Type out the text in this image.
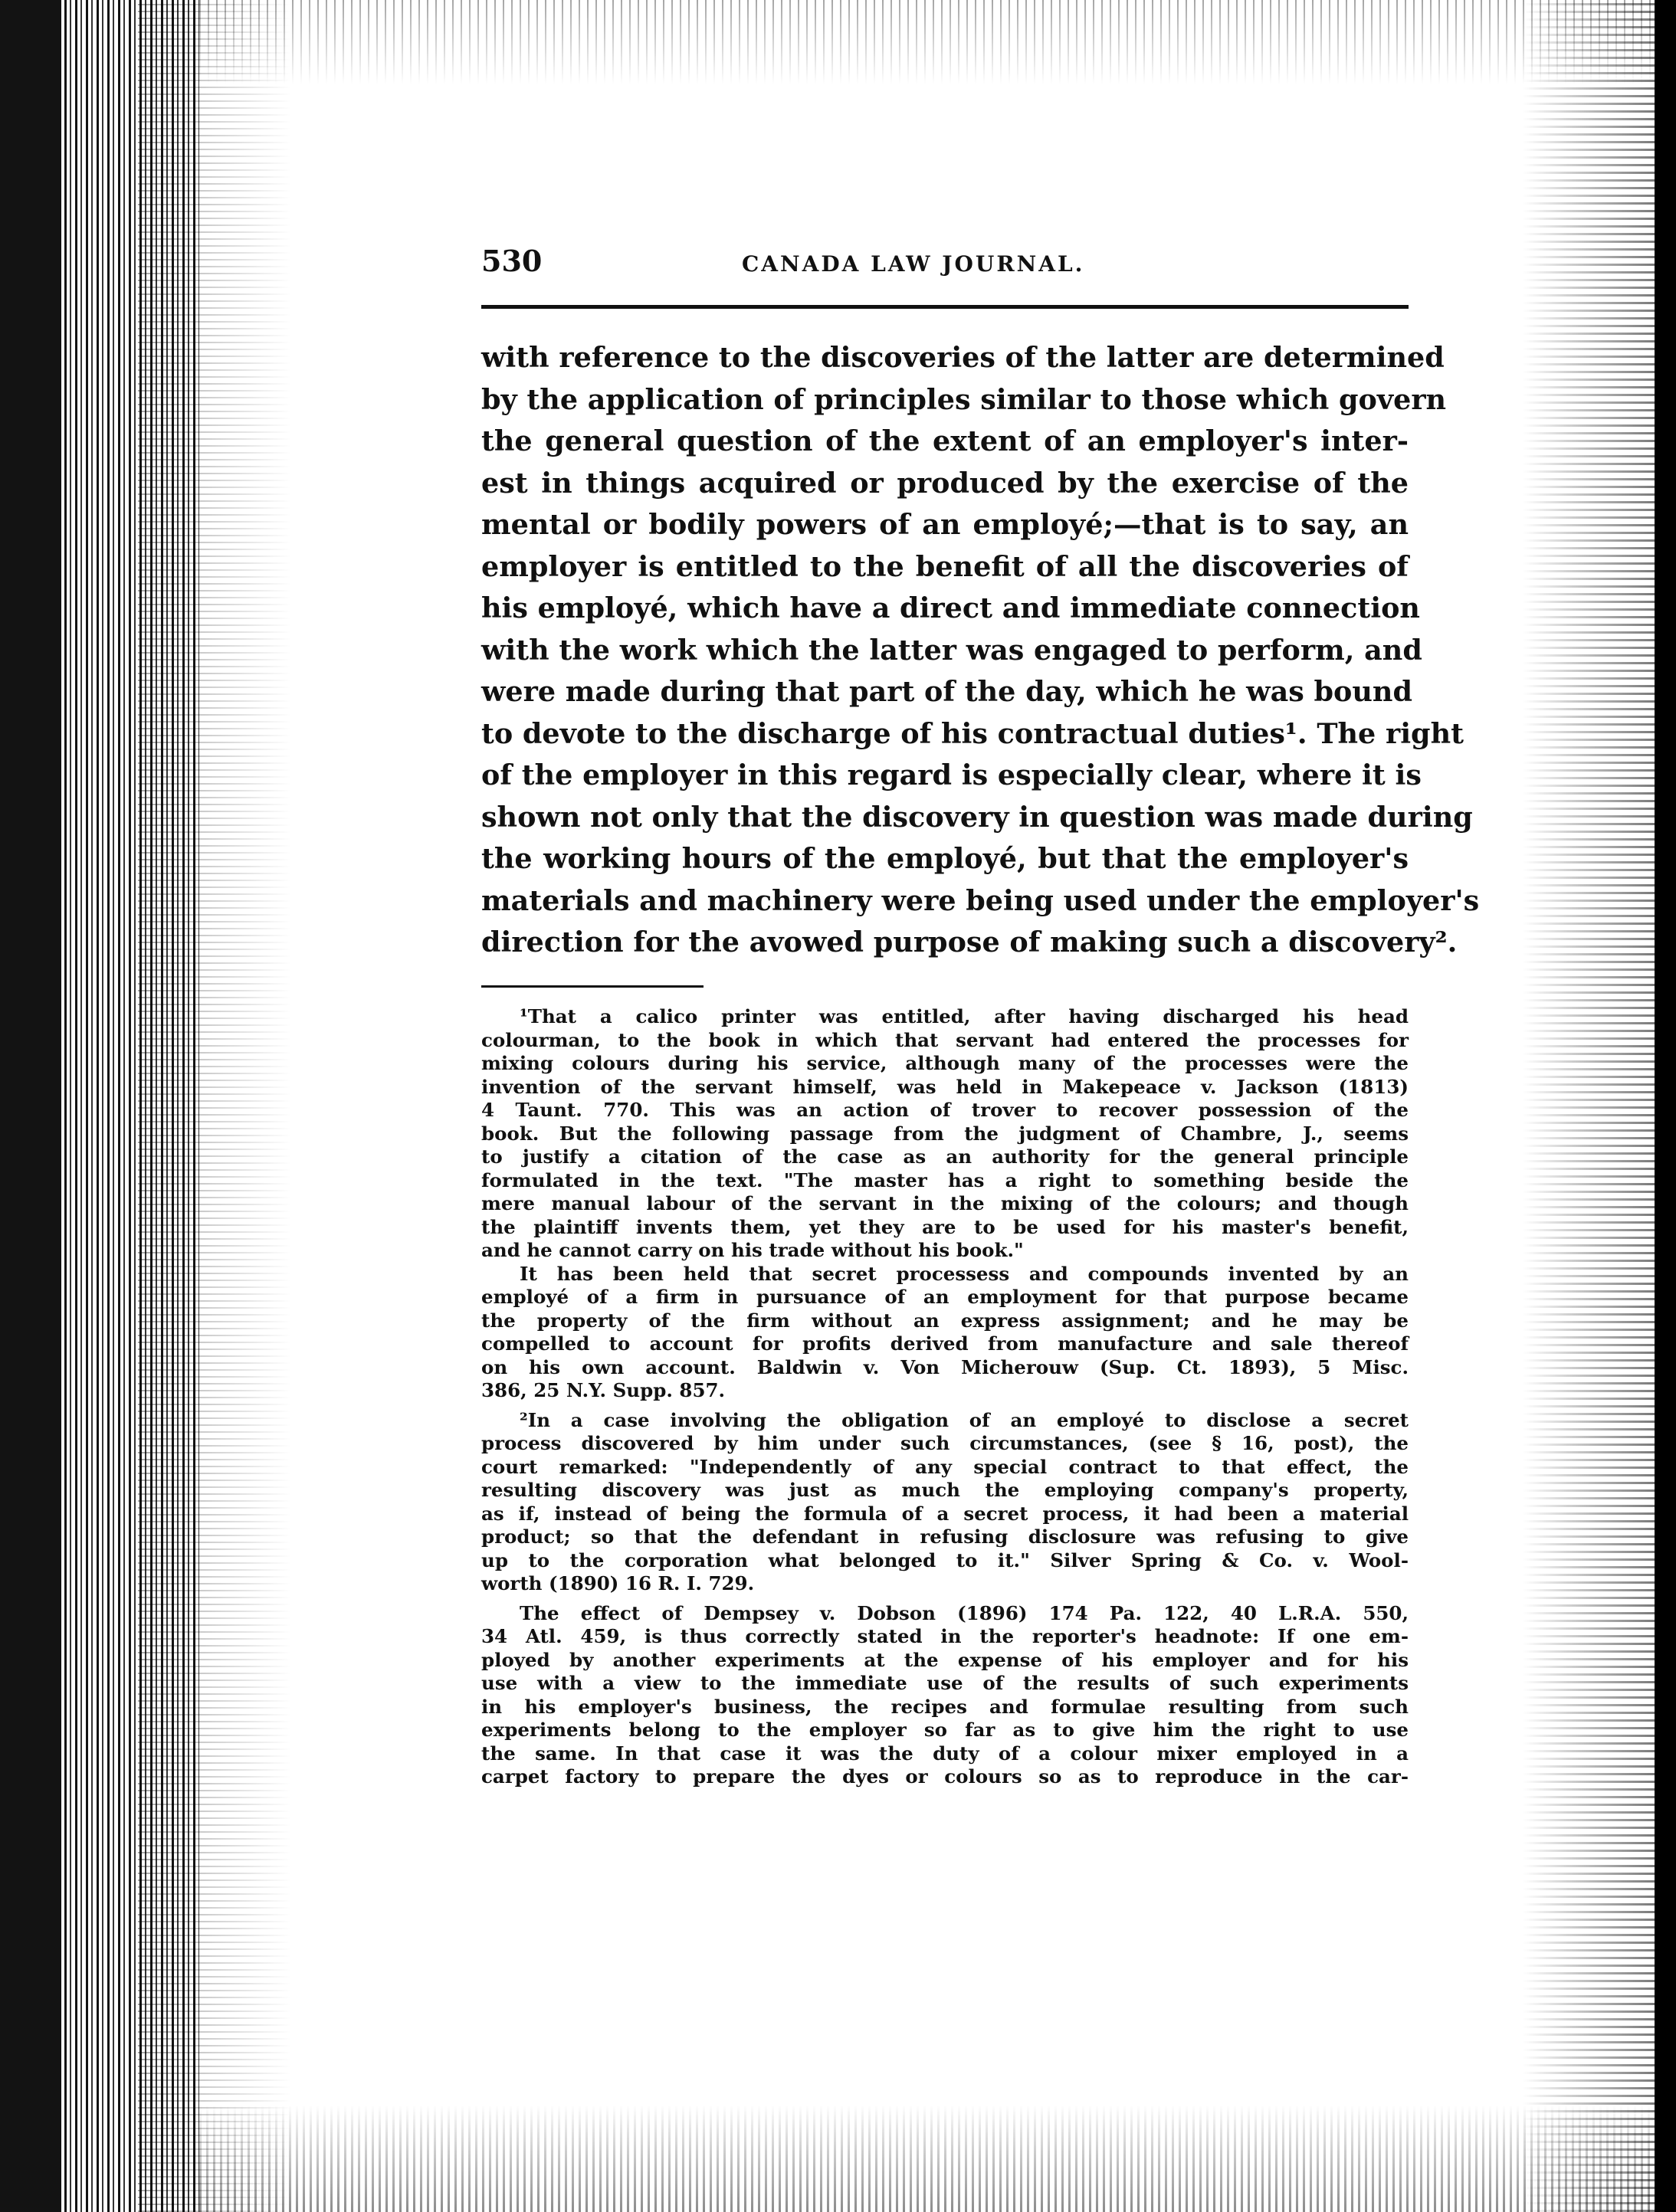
530	CANADA LAW JOURNAL.
with reference to the discoveries of the latter are determined
by the application of principles similar to those which govern
the general question of the extent of an employer's inter-
est in things acquired or produced by the exercise of the
mental or bodily powers of an employé;—that is to say, an
employer is entitled to the benefit of all the discoveries of
his employé, which have a direct and immediate connection
with the work which the latter was engaged to perform, and
were made during that part of the day, which he was bound
to devote to the discharge of his contractual duties¹. The right
of the employer in this regard is especially clear, where it is
shown not only that the discovery in question was made during
the working hours of the employé, but that the employer's
materials and machinery were being used under the employer's
direction for the avowed purpose of making such a discovery².
¹That a calico printer was entitled, after having discharged his head
colourman, to the book in which that servant had entered the processes for
mixing colours during his service, although many of the processes were the
invention of the servant himself, was held in Makepeace v. Jackson (1813)
4 Taunt. 770. This was an action of trover to recover possession of the
book. But the following passage from the judgment of Chambre, J., seems
to justify a citation of the case as an authority for the general principle
formulated in the text. "The master has a right to something beside the
mere manual labour of the servant in the mixing of the colours; and though
the plaintiff invents them, yet they are to be used for his master's benefit,
and he cannot carry on his trade without his book."
It has been held that secret processess and compounds invented by an
employé of a firm in pursuance of an employment for that purpose became
the property of the firm without an express assignment; and he may be
compelled to account for profits derived from manufacture and sale thereof
on his own account. Baldwin v. Von Micherouw (Sup. Ct. 1893), 5 Misc.
386, 25 N.Y. Supp. 857.
²In a case involving the obligation of an employé to disclose a secret
process discovered by him under such circumstances, (see § 16, post), the
court remarked: "Independently of any special contract to that effect, the
resulting discovery was just as much the employing company's property,
as if, instead of being the formula of a secret process, it had been a material
product; so that the defendant in refusing disclosure was refusing to give
up to the corporation what belonged to it." Silver Spring & Co. v. Wool-
worth (1890) 16 R. I. 729.
The effect of Dempsey v. Dobson (1896) 174 Pa. 122, 40 L.R.A. 550,
34 Atl. 459, is thus correctly stated in the reporter's headnote: If one em-
ployed by another experiments at the expense of his employer and for his
use with a view to the immediate use of the results of such experiments
in his employer's business, the recipes and formulae resulting from such
experiments belong to the employer so far as to give him the right to use
the same. In that case it was the duty of a colour mixer employed in a
carpet factory to prepare the dyes or colours so as to reproduce in the car-
